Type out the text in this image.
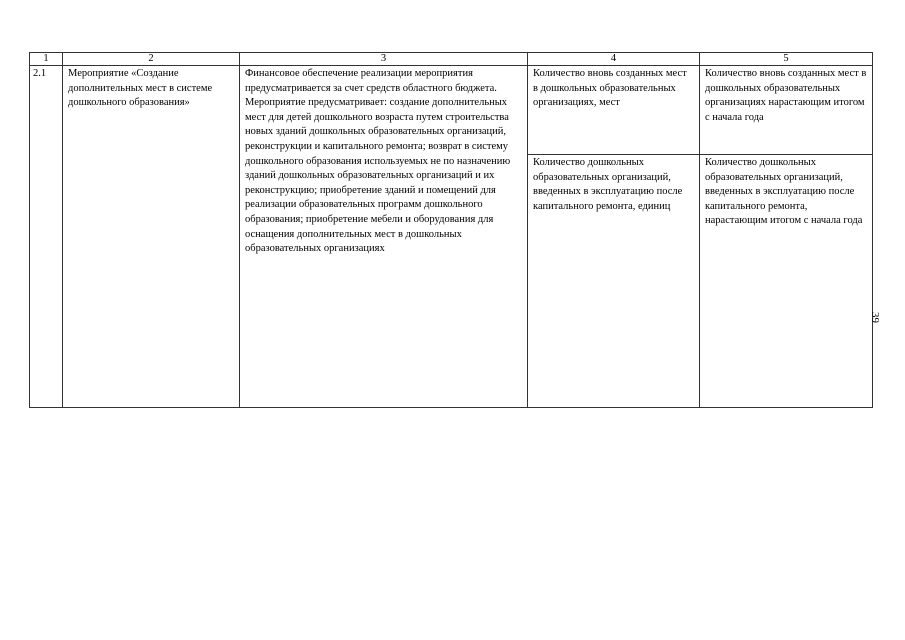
1	2	3	4	5
2.1	Мероприятие «Создание дополнительных мест в системе дошкольного образования»	Финансовое обеспечение реализации мероприятия предусматривается за счет средств областного бюджета. Мероприятие предусматривает: создание дополнительных мест для детей дошкольного возраста путем строительства новых зданий дошкольных образовательных организаций, реконструкции и капитального ремонта; возврат в систему дошкольного образования используемых не по назначению зданий дошкольных образовательных организаций и их реконструкцию; приобретение зданий и помещений для реализации образовательных программ дошкольного образования; приобретение мебели и оборудования для оснащения дополнительных мест в дошкольных образовательных организациях	Количество вновь созданных мест в дошкольных образовательных организациях, мест	Количество вновь созданных мест в дошкольных образовательных организациях нарастающим итогом с начала года
			Количество дошкольных образовательных организаций, введенных в эксплуатацию после капитального ремонта, единиц	Количество дошкольных образовательных организаций, введенных в эксплуатацию после капитального ремонта, нарастающим итогом с начала года
39
